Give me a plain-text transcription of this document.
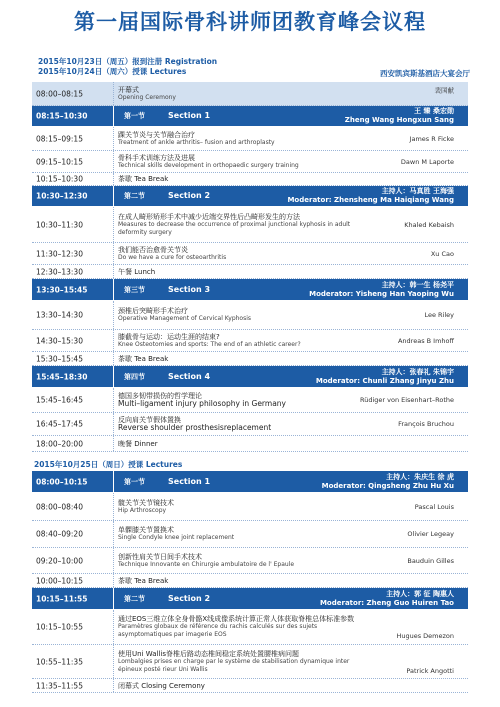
第一届国际骨科讲师团教育峰会议程
2015年10月23日（周五）报到注册 Registration
2015年10月24日（周六）授课 Lectures	西安凯宾斯基酒店大宴会厅
08:00–08:15	开幕式
Opening Ceremony
裴国献
08:15–10:30	第一节	Section 1	王 臻 桑宏勋
Zheng Wang Hongxun Sang
08:15–09:15	踝关节炎与关节融合治疗
Treatment of ankle arthritis– fusion and arthroplasty	James R Ficke
09:15–10:15	骨科手术训练方法及进展
Technical skills development in orthopaedic surgery training	Dawn M Laporte
10:15–10:30	茶歇 Tea Break
10:30–12:30	第二节	Section 2	主持人：马真胜 王海强
Moderator: Zhensheng Ma Haiqiang Wang
10:30–11:30
在成人畸形矫形手术中减少近端交界性后凸畸形发生的方法
Measures to decrease the occurrence of proximal junctional kyphosis in adult deformity surgery
Khaled Kebaish
11:30–12:30	我们能否治愈骨关节炎
Do we have a cure for osteoarthritis	Xu Cao
12:30–13:30	午餐 Lunch
13:30–15:45	第三节	Section 3	主持人：韩一生 杨尧平
Moderator: Yisheng Han Yaoping Wu
13:30–14:30	颈椎后突畸形手术治疗
Operative Management of Cervical Kyphosis	Lee Riley
14:30–15:30	膝截骨与运动：运动生涯的结束?
Knee Osteotomies and sports: The end of an athletic career?	Andreas B Imhoff
15:30–15:45	茶歇 Tea Break
15:45–18:30	第四节	Section 4	主持人：张春礼 朱锦宇
Moderator: Chunli Zhang Jinyu Zhu
15:45–16:45	德国多韧带损伤的哲学理论
Multi–ligament injury philosophy in Germany	Rüdiger von Eisenhart–Rothe
16:45–17:45	反向肩关节假体置换
Reverse shoulder prosthesisreplacement	François Bruchou
18:00–20:00	晚餐 Dinner
2015年10月25日（周日）授课 Lectures
08:00–10:15	第一节	Section 1	主持人：朱庆生 徐 虎
Moderator: Qingsheng Zhu Hu Xu
08:00–08:40	髋关节关节镜技术
Hip Arthroscopy	Pascal Louis
08:40–09:20	单髁膝关节置换术
Single Condyle knee joint replacement	Olivier Legeay
09:20–10:00	创新性肩关节日间手术技术
Technique Innovante en Chirurgie ambulatoire de l' Epaule	Bauduin Gilles
10:00–10:15	茶歇 Tea Break
10:15–11:55	第二节	Section 2	主持人：郭 征 陶惠人
Moderator: Zheng Guo Huiren Tao
10:15–10:55
通过EOS三维立体全身骨骼X线成像系统计算正常人体获取脊椎总体标准参数
Paramètres globaux de référence du rachis calculés sur des sujets asymptomatiques par imagerie EOS	Hugues Demezon
10:55–11:35
使用Uni Wallis脊椎后路动态椎间稳定系统处置腰椎病问题
Lombalgies prises en charge par le système de stabilisation dynamique inter épineux posté rieur Uni Wallis	Patrick Angotti
11:35–11:55	闭幕式 Closing Ceremony
